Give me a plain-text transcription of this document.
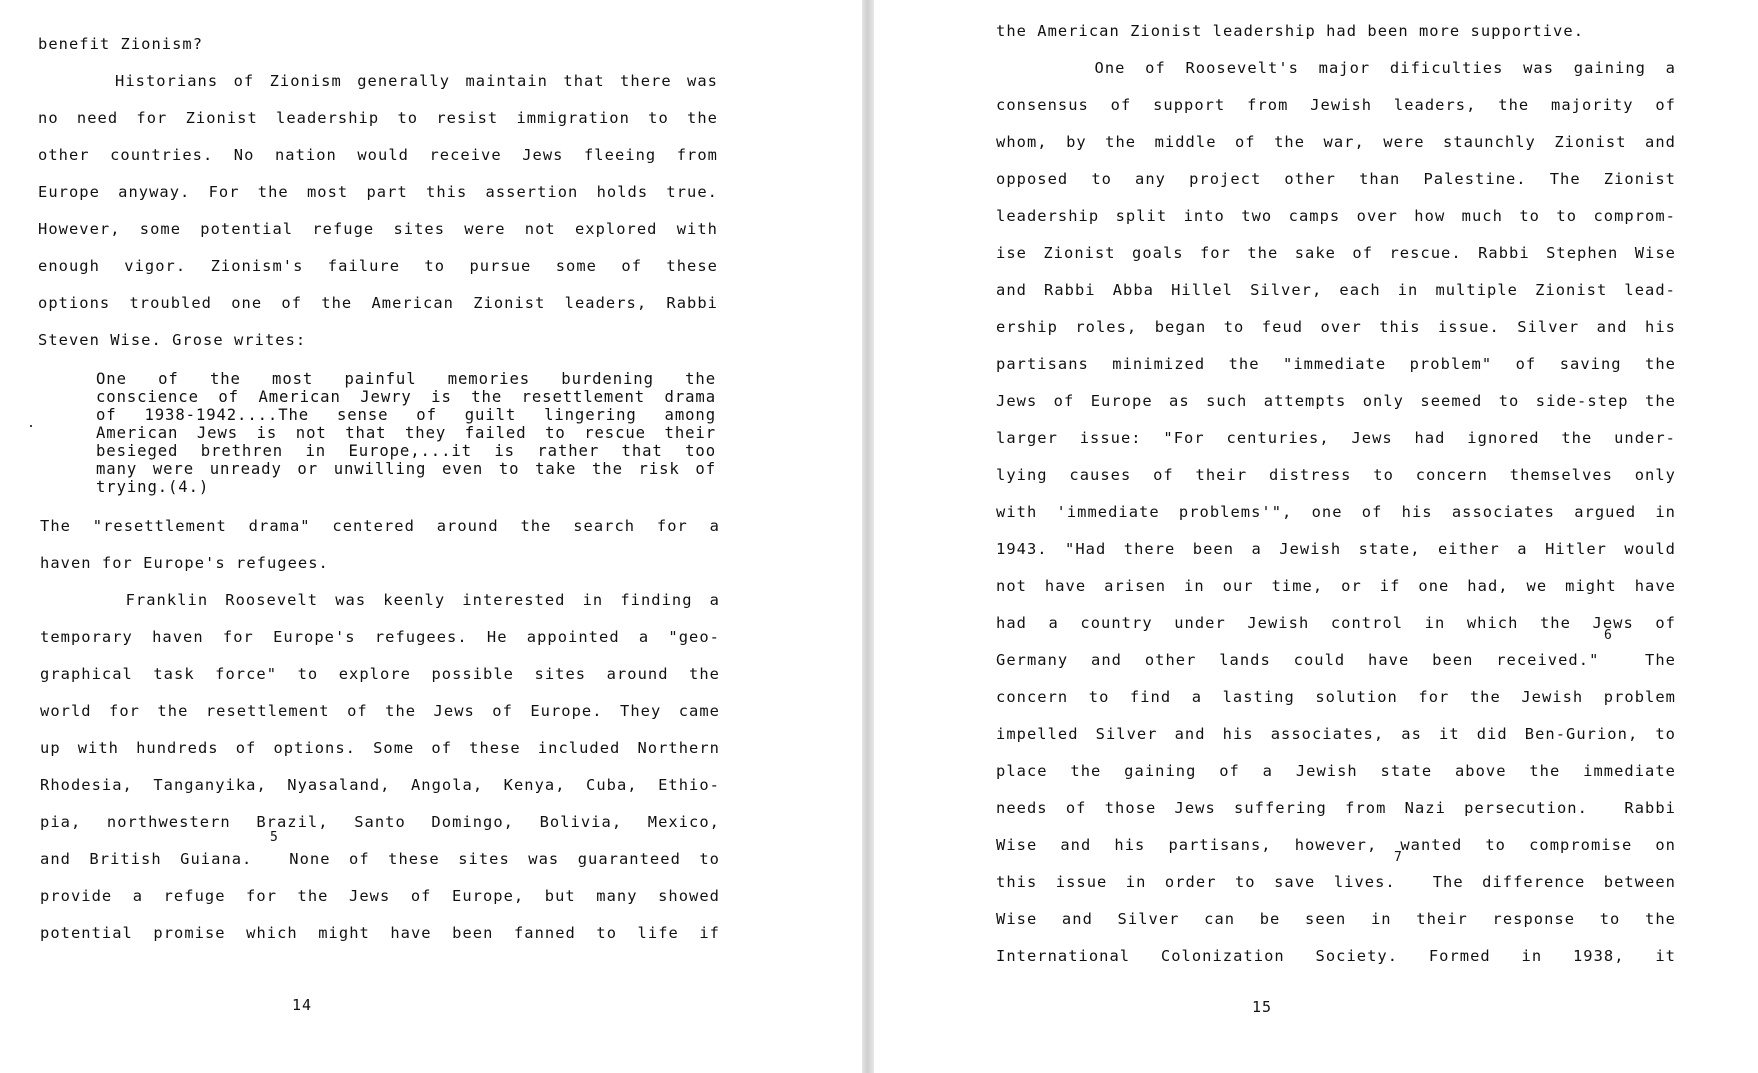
benefit Zionism?

Historians of Zionism generally maintain that there was

no need for Zionist leadership to resist immigration to the

other countries. No nation would receive Jews fleeing from

Europe anyway. For the most part this assertion holds true.

However, some potential refuge sites were not explored with

enough vigor. Zionism's failure to pursue some of these

options troubled one of the American Zionist leaders, Rabbi

Steven Wise. Grose writes:

One of the most painful memories burdening the
conscience of American Jewry is the resettlement drama
of 1938-1942....The sense of guilt lingering among
American Jews is not that they failed to rescue their
besieged brethren in Europe,...it is rather that too
many were unready or unwilling even to take the risk of
trying.(4.)

The "resettlement drama" centered around the search for a

haven for Europe's refugees.

Franklin Roosevelt was keenly interested in finding a

temporary haven for Europe's refugees. He appointed a "geo-

graphical task force" to explore possible sites around the

world for the resettlement of the Jews of Europe. They came

up with hundreds of options. Some of these included Northern

Rhodesia, Tanganyika, Nyasaland, Angola, Kenya, Cuba, Ethio-

pia, northwestern Brazil, Santo Domingo, Bolivia, Mexico,

and British Guiana.  None of these sites was guaranteed to

provide a refuge for the Jews of Europe, but many showed

potential promise which might have been fanned to life if

5
14

the American Zionist leadership had been more supportive.

One of Roosevelt's major dificulties was gaining a

consensus of support from Jewish leaders, the majority of

whom, by the middle of the war, were staunchly Zionist and

opposed to any project other than Palestine. The Zionist

leadership split into two camps over how much to to comprom-

ise Zionist goals for the sake of rescue. Rabbi Stephen Wise

and Rabbi Abba Hillel Silver, each in multiple Zionist lead-

ership roles, began to feud over this issue. Silver and his

partisans minimized the "immediate problem" of saving the

Jews of Europe as such attempts only seemed to side-step the

larger issue: "For centuries, Jews had ignored the under-

lying causes of their distress to concern themselves only

with 'immediate problems'", one of his associates argued in

1943. "Had there been a Jewish state, either a Hitler would

not have arisen in our time, or if one had, we might have

had a country under Jewish control in which the Jews of

Germany and other lands could have been received."  The

concern to find a lasting solution for the Jewish problem

impelled Silver and his associates, as it did Ben-Gurion, to

place the gaining of a Jewish state above the immediate

needs of those Jews suffering from Nazi persecution.  Rabbi

Wise and his partisans, however, wanted to compromise on

this issue in order to save lives.  The difference between

Wise and Silver can be seen in their response to the

International Colonization Society. Formed in 1938, it

6
7
15
